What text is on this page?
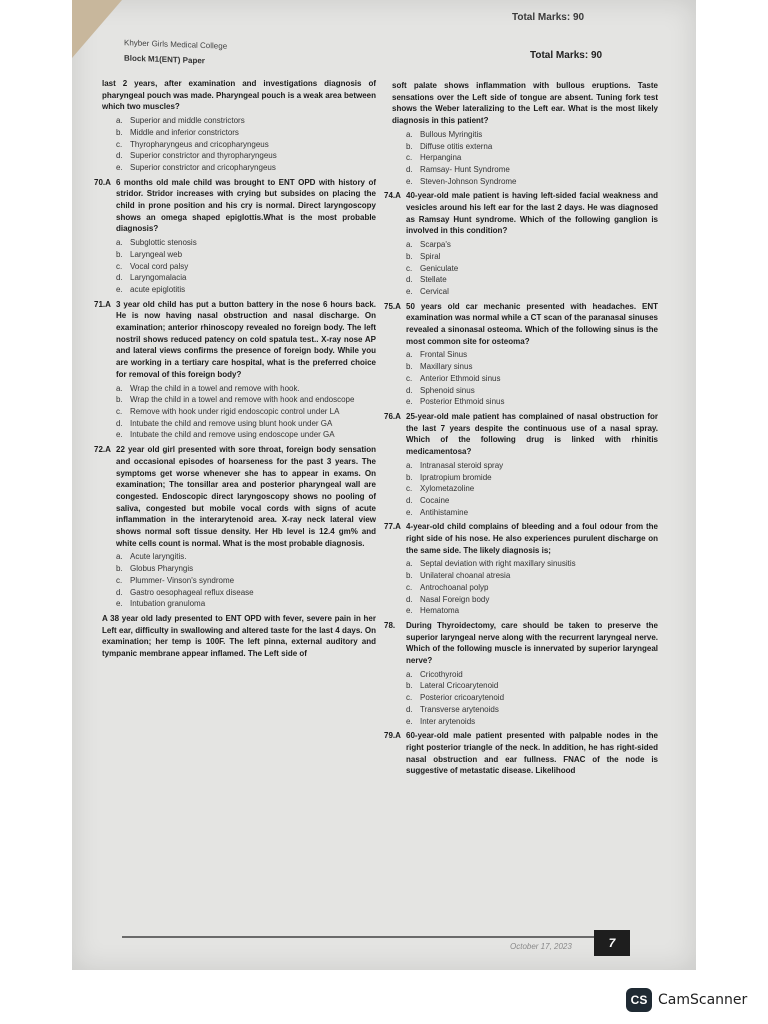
Total Marks: 90
Khyber Girls Medical College
Block M1(ENT) Paper	Total Marks: 90
last 2 years, after examination and investigations diagnosis of pharyngeal pouch was made. Pharyngeal pouch is a weak area between which two muscles?
a. Superior and middle constrictors
b. Middle and inferior constrictors
c. Thyropharyngeus and cricopharyngeus
d. Superior constrictor and thyropharyngeus
e. Superior constrictor and cricopharyngeus
70.A 6 months old male child was brought to ENT OPD with history of stridor. Stridor increases with crying but subsides on placing the child in prone position and his cry is normal. Direct laryngoscopy shows an omega shaped epiglottis.What is the most probable diagnosis?
a. Subglottic stenosis
b. Laryngeal web
c. Vocal cord palsy
d. Laryngomalacia
e. acute epiglotitis
71.A 3 year old child has put a button battery in the nose 6 hours back. He is now having nasal obstruction and nasal discharge. On examination; anterior rhinoscopy revealed no foreign body. The left nostril shows reduced patency on cold spatula test.. X-ray nose AP and lateral views confirms the presence of foreign body. While you are working in a tertiary care hospital, what is the preferred choice for removal of this foreign body?
a. Wrap the child in a towel and remove with hook.
b. Wrap the child in a towel and remove with hook and endoscope
c. Remove with hook under rigid endoscopic control under LA
d. Intubate the child and remove using blunt hook under GA
e. Intubate the child and remove using endoscope under GA
72.A 22 year old girl presented with sore throat, foreign body sensation and occasional episodes of hoarseness for the past 3 years. The symptoms get worse whenever she has to appear in exams. On examination; The tonsillar area and posterior pharyngeal wall are congested. Endoscopic direct laryngoscopy shows no pooling of saliva, congested but mobile vocal cords with signs of acute inflammation in the interarytenoid area. X-ray neck lateral view shows normal soft tissue density. Her Hb level is 12.4 gm% and white cells count is normal. What is the most probable diagnosis.
a. Acute laryngitis.
b. Globus Pharyngis
c. Plummer- Vinson's syndrome
d. Gastro oesophageal reflux disease
e. Intubation granuloma
A 38 year old lady presented to ENT OPD with fever, severe pain in her Left ear, difficulty in swallowing and altered taste for the last 4 days. On examination; her temp is 100F. The left pinna, external auditory and tympanic membrane appear inflamed. The Left side of
soft palate shows inflammation with bullous eruptions. Taste sensations over the Left side of tongue are absent. Tuning fork test shows the Weber lateralizing to the Left ear. What is the most likely diagnosis in this patient?
a. Bullous Myringitis
b. Diffuse otitis externa
c. Herpangina
d. Ramsay- Hunt Syndrome
e. Steven-Johnson Syndrome
74.A 40-year-old male patient is having left-sided facial weakness and vesicles around his left ear for the last 2 days. He was diagnosed as Ramsay Hunt syndrome. Which of the following ganglion is involved in this condition?
a. Scarpa's
b. Spiral
c. Geniculate
d. Stellate
e. Cervical
75.A 50 years old car mechanic presented with headaches. ENT examination was normal while a CT scan of the paranasal sinuses revealed a sinonasal osteoma. Which of the following sinus is the most common site for osteoma?
a. Frontal Sinus
b. Maxillary sinus
c. Anterior Ethmoid sinus
d. Sphenoid sinus
e. Posterior Ethmoid sinus
76.A 25-year-old male patient has complained of nasal obstruction for the last 7 years despite the continuous use of a nasal spray. Which of the following drug is linked with rhinitis medicamentosa?
a. Intranasal steroid spray
b. Ipratropium bromide
c. Xylometazoline
d. Cocaine
e. Antihistamine
77.A 4-year-old child complains of bleeding and a foul odour from the right side of his nose. He also experiences purulent discharge on the same side. The likely diagnosis is;
a. Septal deviation with right maxillary sinusitis
b. Unilateral choanal atresia
c. Antrochoanal polyp
d. Nasal Foreign body
e. Hematoma
78. During Thyroidectomy, care should be taken to preserve the superior laryngeal nerve along with the recurrent laryngeal nerve. Which of the following muscle is innervated by superior laryngeal nerve?
a. Cricothyroid
b. Lateral Cricoarytenoid
c. Posterior cricoarytenoid
d. Transverse arytenoids
e. Inter arytenoids
79.A 60-year-old male patient presented with palpable nodes in the right posterior triangle of the neck. In addition, he has right-sided nasal obstruction and ear fullness. FNAC of the node is suggestive of metastatic disease. Likelihood
October 17, 2023	7
CS CamScanner
